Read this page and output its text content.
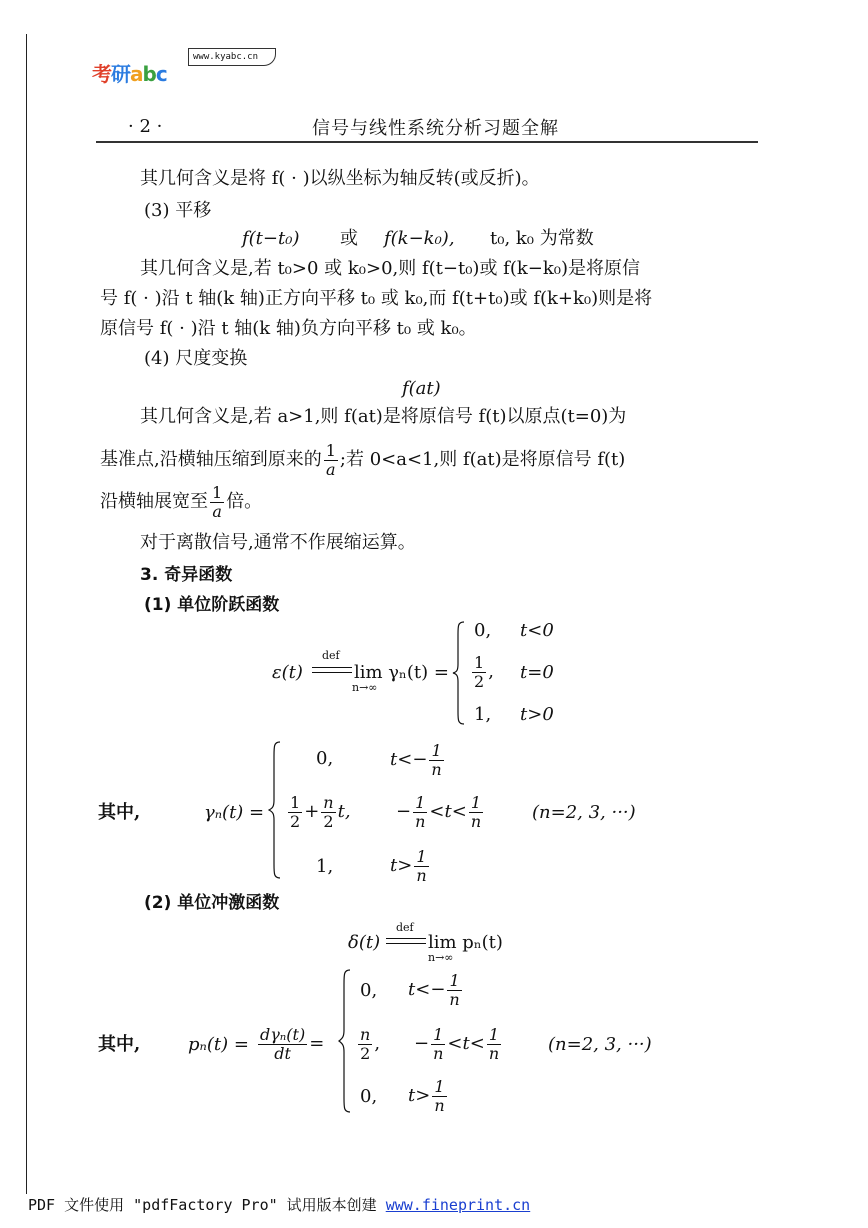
考研abc
www.kyabc.cn
· 2 ·	信号与线性系统分析习题全解
其几何含义是将 f( · )以纵坐标为轴反转(或反折)。
(3) 平移
f(t−t₀) 或 f(k−k₀), t₀, k₀ 为常数
其几何含义是,若 t₀>0 或 k₀>0,则 f(t−t₀)或 f(k−k₀)是将原信
号 f( · )沿 t 轴(k 轴)正方向平移 t₀ 或 k₀,而 f(t+t₀)或 f(k+k₀)则是将
原信号 f( · )沿 t 轴(k 轴)负方向平移 t₀ 或 k₀。
(4) 尺度变换
f(at)
其几何含义是,若 a>1,则 f(at)是将原信号 f(t)以原点(t=0)为
基准点,沿横轴压缩到原来的 $\frac{1}{a}$ ;若 0<a<1,则 f(at)是将原信号 f(t)
沿横轴展宽至 $\frac{1}{a}$ 倍。
对于离散信号,通常不作展缩运算。
3. 奇异函数
(1) 单位阶跃函数
ε(t)
def
lim γₙ(t) =
n→∞
0, t<0
$\frac{1}{2}$ , t=0
1, t>0
其中,	γₙ(t) =
0,	$t<- \frac{1}{n}$
$\frac{1}{2} + \frac{n}{2} t$,	− $\frac{1}{n} <t< \frac{1}{n}$	(n=2, 3, ···)
1,	$t> \frac{1}{n}$
(2) 单位冲激函数
δ(t)
def
lim pₙ(t)
n→∞
其中,	$p_n(t) = \frac{\text{dγₙ(t)}}{dt}$ =
0, $t<- \frac{1}{n}$
$\frac{n}{2}$ , − $\frac{1}{n} <t< \frac{1}{n}$	(n=2, 3, ···)
0, $t> \frac{1}{n}$
PDF 文件使用 "pdfFactory Pro" 试用版本创建 www.fineprint.cn
